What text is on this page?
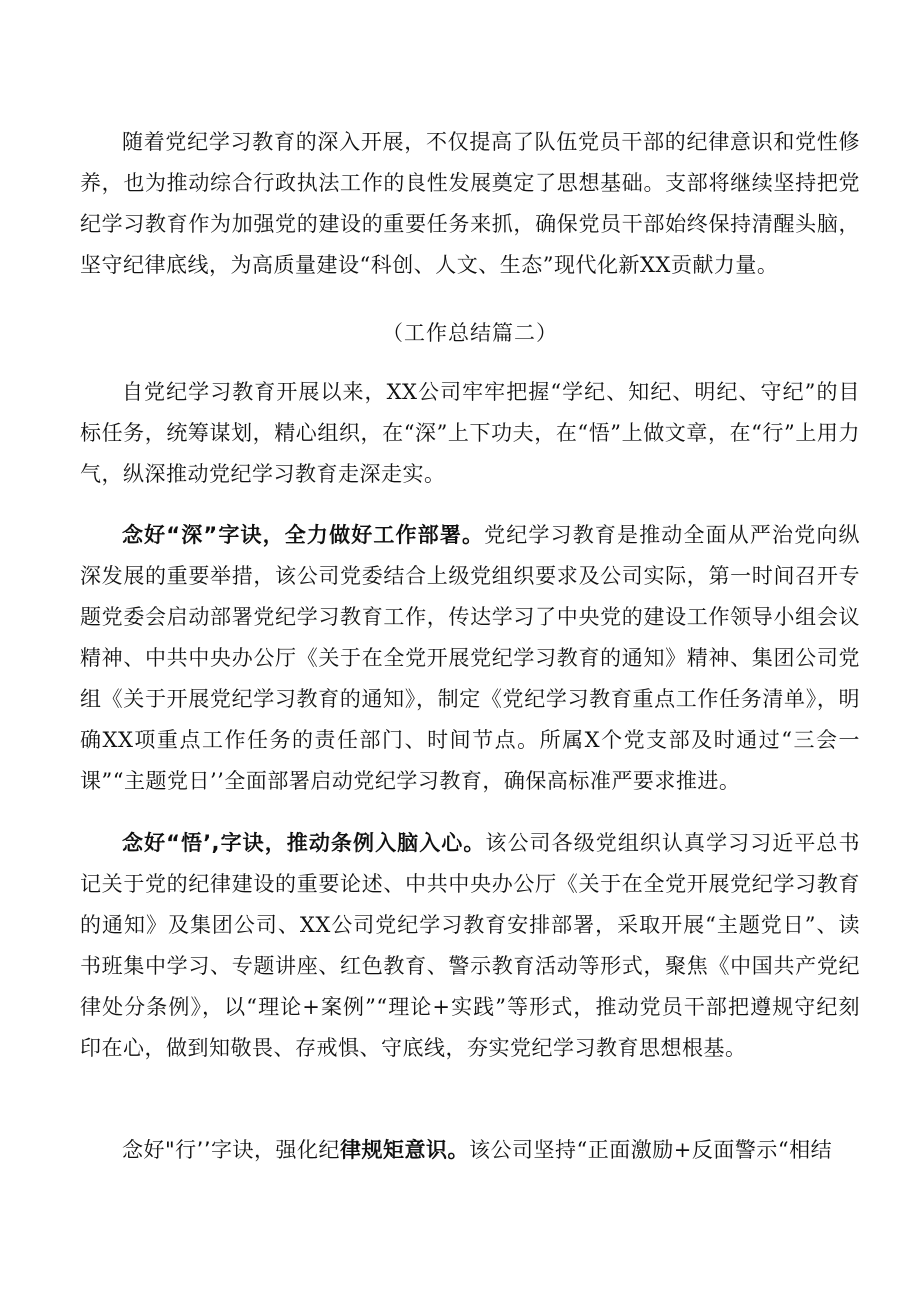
随着党纪学习教育的深入开展，不仅提高了队伍党员干部的纪律意识和党性修养，也为推动综合行政执法工作的良性发展奠定了思想基础。支部将继续坚持把党纪学习教育作为加强党的建设的重要任务来抓，确保党员干部始终保持清醒头脑，坚守纪律底线，为高质量建设“科创、人文、生态”现代化新XX贡献力量。

（工作总结篇二）

自党纪学习教育开展以来，XX公司牢牢把握“学纪、知纪、明纪、守纪”的目标任务，统筹谋划，精心组织，在“深”上下功夫，在“悟”上做文章，在“行”上用力气，纵深推动党纪学习教育走深走实。

念好“深”字诀，全力做好工作部署。党纪学习教育是推动全面从严治党向纵深发展的重要举措，该公司党委结合上级党组织要求及公司实际，第一时间召开专题党委会启动部署党纪学习教育工作，传达学习了中央党的建设工作领导小组会议精神、中共中央办公厅《关于在全党开展党纪学习教育的通知》精神、集团公司党组《关于开展党纪学习教育的通知》，制定《党纪学习教育重点工作任务清单》，明确XX项重点工作任务的责任部门、时间节点。所属X个党支部及时通过“三会一课”“主题党日’’全面部署启动党纪学习教育，确保高标准严要求推进。

念好“悟’,字诀，推动条例入脑入心。该公司各级党组织认真学习习近平总书记关于党的纪律建设的重要论述、中共中央办公厅《关于在全党开展党纪学习教育的通知》及集团公司、XX公司党纪学习教育安排部署，采取开展“主题党日”、读书班集中学习、专题讲座、红色教育、警示教育活动等形式，聚焦《中国共产党纪律处分条例》，以“理论+案例”“理论+实践”等形式，推动党员干部把遵规守纪刻印在心，做到知敬畏、存戒惧、守底线，夯实党纪学习教育思想根基。

念好"行’’字诀，强化纪律规矩意识。该公司坚持“正面激励+反面警示“相结
